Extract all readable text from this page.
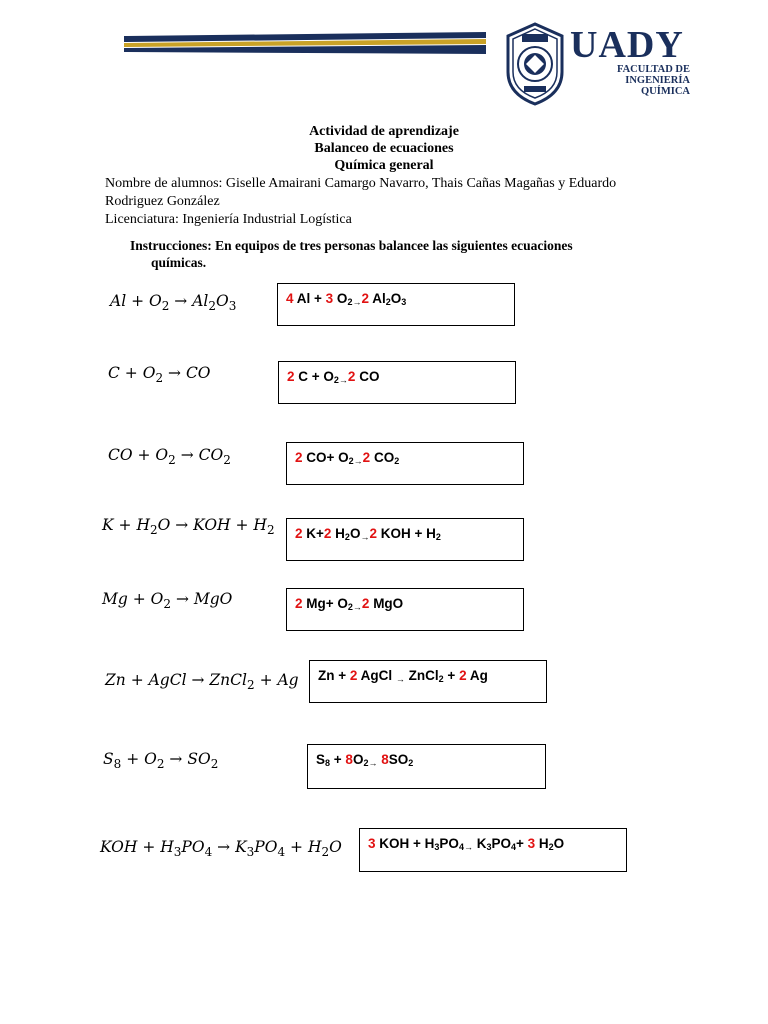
UADY
FACULTAD DE
INGENIERÍA
QUÍMICA
Actividad de aprendizaje
Balanceo de ecuaciones
Química general
Nombre de alumnos: Giselle Amairani Camargo Navarro, Thais Cañas Magañas y Eduardo Rodriguez González
Licenciatura: Ingeniería Industrial Logística
Instrucciones: En equipos de tres personas balancee las siguientes ecuaciones
químicas.
$Al + O_2 \to Al_2O_3$
$C + O_2$ → CO
CO + $O_2 \to CO_2$
$K + H_2O$ → KOH + $H_2$
$Mg + O_2$ → MgO
Zn + AgCl → ZnCl$_2$ + Ag
$S_8 + O_2 \to SO_2$
KOH + $H_3PO_4 \to K_3PO_4 + H_2O$
4 Al + 3 $O_2\to 2$ $Al_2O_3$
2 $C + O_2\to 2$ CO
2 $CO+ O_2\to 2$ $CO_2$
2 K+2 $H_2O\to 2$ KOH + $H_2$
2 $Mg+ O_2\to 2$ MgO
Zn + 2 AgCl → ZnCl$_2$ + 2 Ag
$S_8 + 8O_2\to 8SO_2$
3 KOH + $H_3PO_4\to K_3PO_4+ 3$ $H_2O$
